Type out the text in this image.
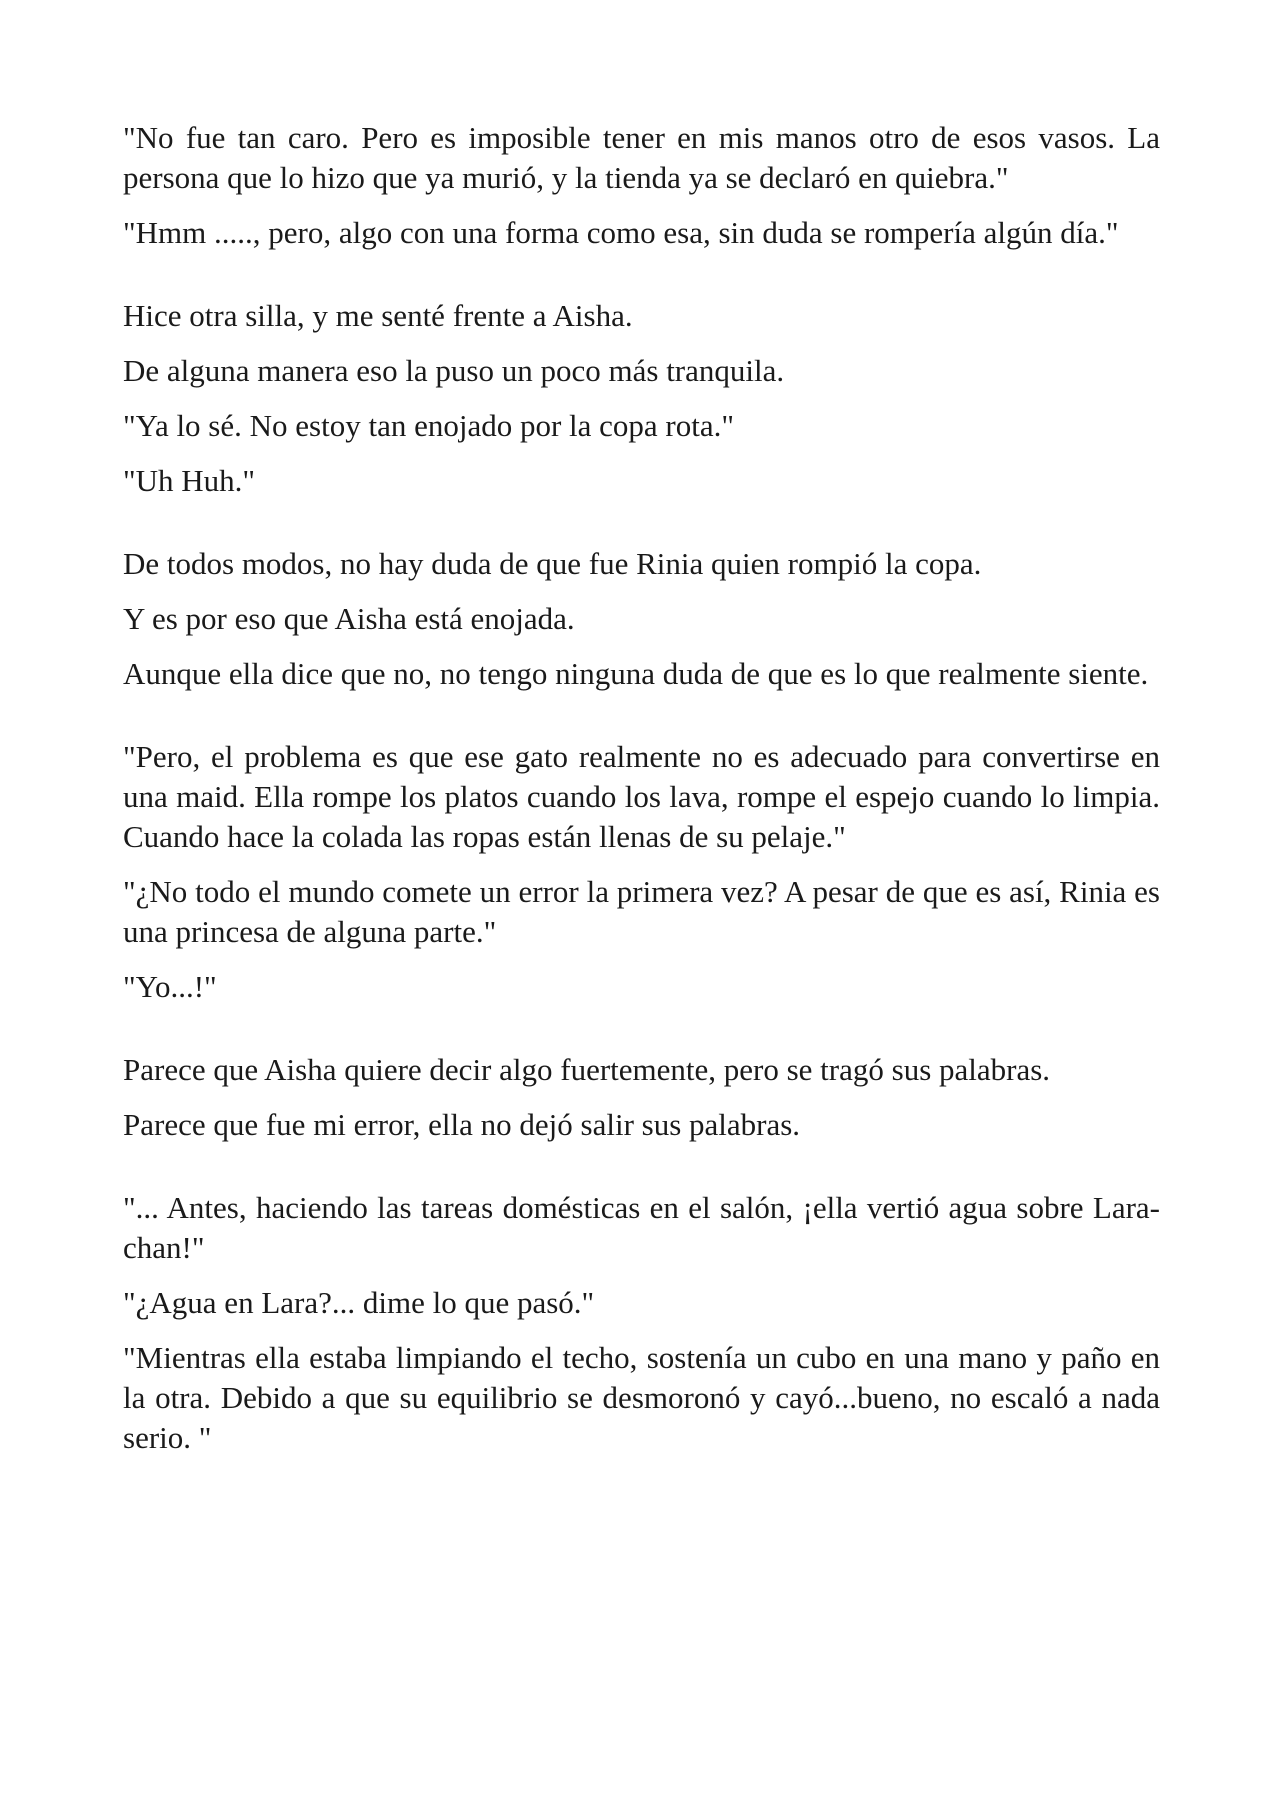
"No fue tan caro. Pero es imposible tener en mis manos otro de esos vasos. La persona que lo hizo que ya murió, y la tienda ya se declaró en quiebra."

"Hmm ....., pero, algo con una forma como esa, sin duda se rompería algún día."

Hice otra silla, y me senté frente a Aisha.

De alguna manera eso la puso un poco más tranquila.

"Ya lo sé. No estoy tan enojado por la copa rota."

"Uh Huh."

De todos modos, no hay duda de que fue Rinia quien rompió la copa.

Y es por eso que Aisha está enojada.

Aunque ella dice que no, no tengo ninguna duda de que es lo que realmente siente.

"Pero, el problema es que ese gato realmente no es adecuado para convertirse en una maid. Ella rompe los platos cuando los lava, rompe el espejo cuando lo limpia. Cuando hace la colada las ropas están llenas de su pelaje."

"¿No todo el mundo comete un error la primera vez? A pesar de que es así, Rinia es una princesa de alguna parte."

"Yo...!"

Parece que Aisha quiere decir algo fuertemente, pero se tragó sus palabras.

Parece que fue mi error, ella no dejó salir sus palabras.

"... Antes, haciendo las tareas domésticas en el salón, ¡ella vertió agua sobre Lara-chan!"

"¿Agua en Lara?... dime lo que pasó."

"Mientras ella estaba limpiando el techo, sostenía un cubo en una mano y paño en la otra. Debido a que su equilibrio se desmoronó y cayó...bueno, no escaló a nada serio. "
